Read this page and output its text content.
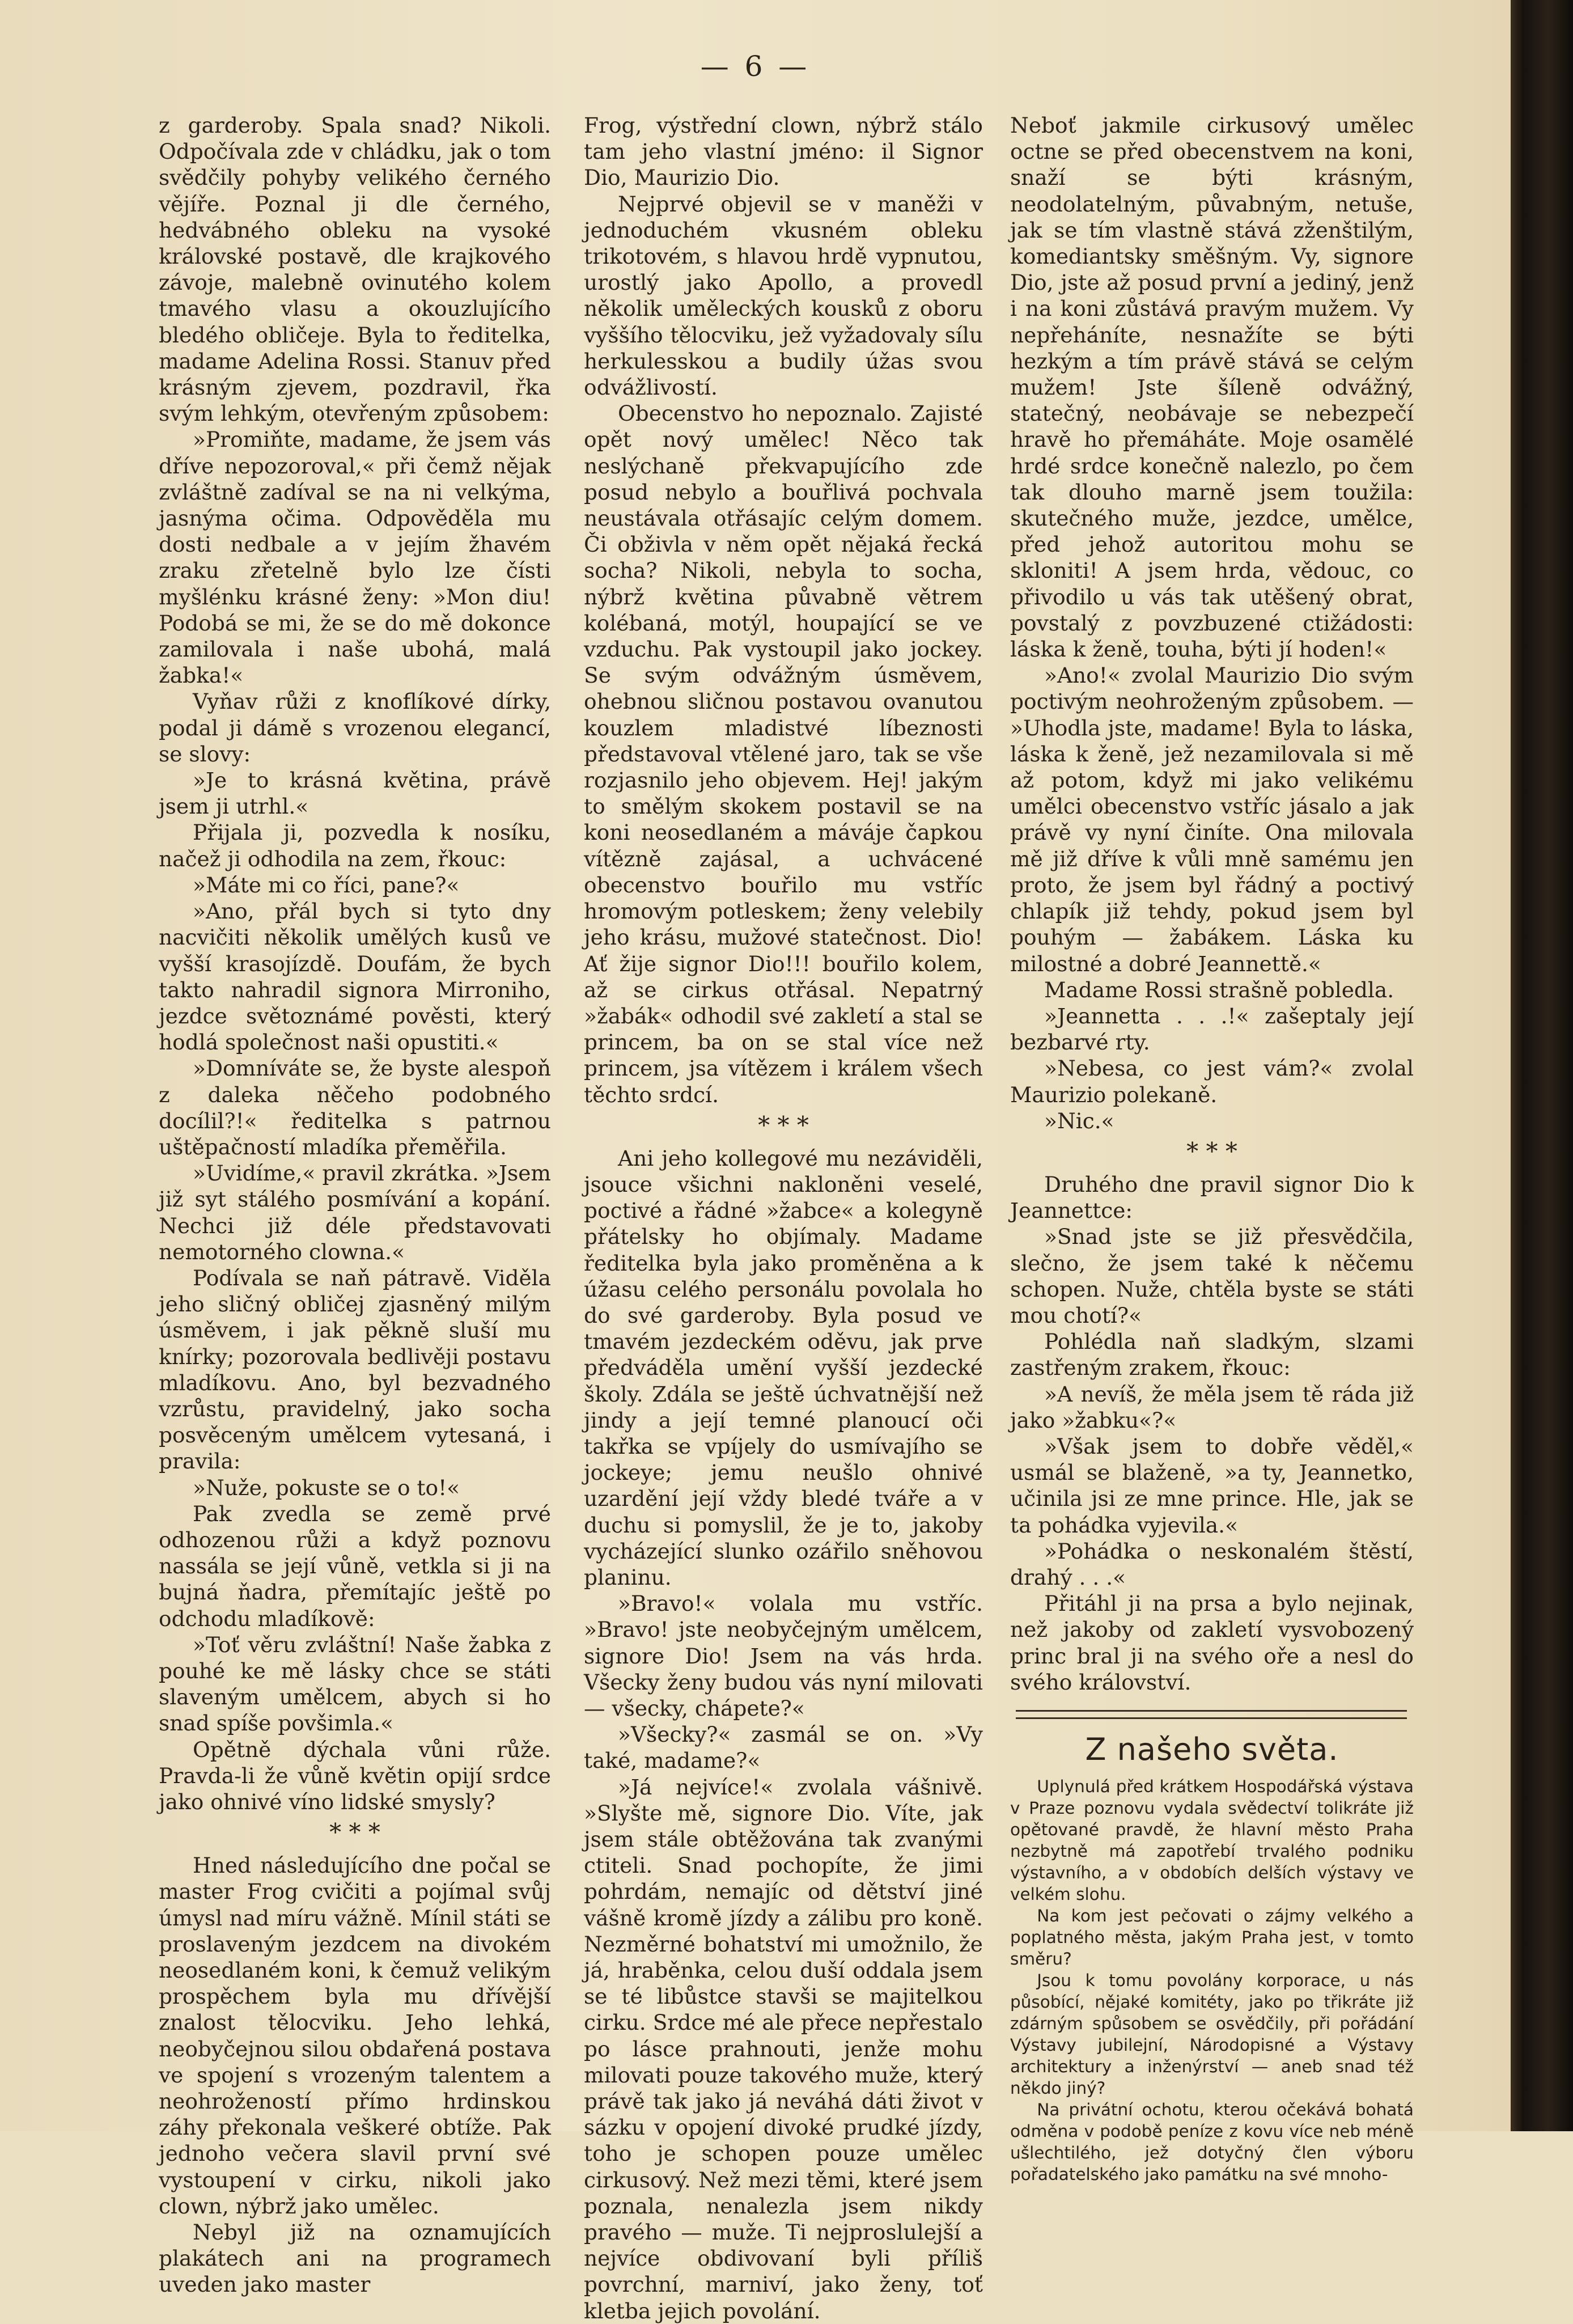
— 6 —

z garderoby. Spala snad? Nikoli. Odpočívala zde v chládku, jak o tom svědčily pohyby velikého černého vějíře. Poznal ji dle černého, hedvábného obleku na vysoké královské postavě, dle krajkového závoje, malebně ovinutého kolem tmavého vlasu a okouzlujícího bledého obličeje. Byla to ředitelka, madame Adelina Rossi. Stanuv před krásným zjevem, pozdravil, řka svým lehkým, otevřeným způsobem:

»Promiňte, madame, že jsem vás dříve nepozoroval,« při čemž nějak zvláštně zadíval se na ni velkýma, jasnýma očima. Odpověděla mu dosti nedbale a v jejím žhavém zraku zřetelně bylo lze čísti myšlénku krásné ženy: »Mon diu! Podobá se mi, že se do mě dokonce zamilovala i naše ubohá, malá žabka!«

Vyňav růži z knoflíkové dírky, podal ji dámě s vrozenou elegancí, se slovy:

»Je to krásná květina, právě jsem ji utrhl.«

Přijala ji, pozvedla k nosíku, načež ji odhodila na zem, řkouc:

»Máte mi co říci, pane?«

»Ano, přál bych si tyto dny nacvičiti několik umělých kusů ve vyšší krasojízdě. Doufám, že bych takto nahradil signora Mirroniho, jezdce světoznámé pověsti, který hodlá společnost naši opustiti.«

»Domníváte se, že byste alespoň z daleka něčeho podobného docílil?!« ředitelka s patrnou uštěpačností mladíka přeměřila.

»Uvidíme,« pravil zkrátka. »Jsem již syt stálého posmívání a kopání. Nechci již déle představovati nemotorného clowna.«

Podívala se naň pátravě. Viděla jeho sličný obličej zjasněný milým úsměvem, i jak pěkně sluší mu knírky; pozorovala bedlivěji postavu mladíkovu. Ano, byl bezvadného vzrůstu, pravidelný, jako socha posvěceným umělcem vytesaná, i pravila:

»Nuže, pokuste se o to!«

Pak zvedla se země prvé odhozenou růži a když poznovu nassála se její vůně, vetkla si ji na bujná ňadra, přemítajíc ještě po odchodu mladíkově:

»Toť věru zvláštní! Naše žabka z pouhé ke mě lásky chce se státi slaveným umělcem, abych si ho snad spíše povšimla.«

Opětně dýchala vůni růže. Pravda-li že vůně květin opijí srdce jako ohnivé víno lidské smysly?

* * *

Hned následujícího dne počal se master Frog cvičiti a pojímal svůj úmysl nad míru vážně. Mínil státi se proslaveným jezdcem na divokém neosedlaném koni, k čemuž velikým prospěchem byla mu dřívější znalost tělocviku. Jeho lehká, neobyčejnou silou obdařená postava ve spojení s vrozeným talentem a neohrožeností přímo hrdinskou záhy překonala veškeré obtíže. Pak jednoho večera slavil první své vystoupení v cirku, nikoli jako clown, nýbrž jako umělec.

Nebyl již na oznamujících plakátech ani na programech uveden jako master

Frog, výstřední clown, nýbrž stálo tam jeho vlastní jméno: il Signor Dio, Maurizio Dio.

Nejprvé objevil se v maněži v jednoduchém vkusném obleku trikotovém, s hlavou hrdě vypnutou, urostlý jako Apollo, a provedl několik uměleckých kousků z oboru vyššího tělocviku, jež vyžadovaly sílu herkulesskou a budily úžas svou odvážlivostí.

Obecenstvo ho nepoznalo. Zajisté opět nový umělec! Něco tak neslýchaně překvapujícího zde posud nebylo a bouřlivá pochvala neustávala otřásajíc celým domem. Či obživla v něm opět nějaká řecká socha? Nikoli, nebyla to socha, nýbrž květina půvabně větrem kolébaná, motýl, houpající se ve vzduchu. Pak vystoupil jako jockey. Se svým odvážným úsměvem, ohebnou sličnou postavou ovanutou kouzlem mladistvé líbeznosti představoval vtělené jaro, tak se vše rozjasnilo jeho objevem. Hej! jakým to smělým skokem postavil se na koni neosedlaném a máváje čapkou vítězně zajásal, a uchvácené obecenstvo bouřilo mu vstříc hromovým potleskem; ženy velebily jeho krásu, mužové statečnost. Dio! Ať žije signor Dio!!! bouřilo kolem, až se cirkus otřásal. Nepatrný »žabák« odhodil své zakletí a stal se princem, ba on se stal více než princem, jsa vítězem i králem všech těchto srdcí.

* * *

Ani jeho kollegové mu nezáviděli, jsouce všichni nakloněni veselé, poctivé a řádné »žabce« a kolegyně přátelsky ho objímaly. Madame ředitelka byla jako proměněna a k úžasu celého personálu povolala ho do své garderoby. Byla posud ve tmavém jezdeckém oděvu, jak prve předváděla umění vyšší jezdecké školy. Zdála se ještě úchvatnější než jindy a její temné planoucí oči takřka se vpíjely do usmívajího se jockeye; jemu neušlo ohnivé uzardění její vždy bledé tváře a v duchu si pomyslil, že je to, jakoby vycházející slunko ozářilo sněhovou planinu.

»Bravo!« volala mu vstříc. »Bravo! jste neobyčejným umělcem, signore Dio! Jsem na vás hrda. Všecky ženy budou vás nyní milovati — všecky, chápete?«

»Všecky?« zasmál se on. »Vy také, madame?«

»Já nejvíce!« zvolala vášnivě. »Slyšte mě, signore Dio. Víte, jak jsem stále obtěžována tak zvanými ctiteli. Snad pochopíte, že jimi pohrdám, nemajíc od dětství jiné vášně kromě jízdy a zálibu pro koně. Nezměrné bohatství mi umožnilo, že já, hraběnka, celou duší oddala jsem se té libůstce stavši se majitelkou cirku. Srdce mé ale přece nepřestalo po lásce prahnouti, jenže mohu milovati pouze takového muže, který právě tak jako já neváhá dáti život v sázku v opojení divoké prudké jízdy, toho je schopen pouze umělec cirkusový. Než mezi těmi, které jsem poznala, nenalezla jsem nikdy pravého — muže. Ti nejproslulejší a nejvíce obdivovaní byli příliš povrchní, marniví, jako ženy, toť kletba jejich povolání.

Neboť jakmile cirkusový umělec octne se před obecenstvem na koni, snaží se býti krásným, neodolatelným, půvabným, netuše, jak se tím vlastně stává zženštilým, komediantsky směšným. Vy, signore Dio, jste až posud první a jediný, jenž i na koni zůstává pravým mužem. Vy nepřeháníte, nesnažíte se býti hezkým a tím právě stává se celým mužem! Jste šíleně odvážný, statečný, neobávaje se nebezpečí hravě ho přemáháte. Moje osamělé hrdé srdce konečně nalezlo, po čem tak dlouho marně jsem toužila: skutečného muže, jezdce, umělce, před jehož autoritou mohu se skloniti! A jsem hrda, vědouc, co přivodilo u vás tak utěšený obrat, povstalý z povzbuzené ctižádosti: láska k ženě, touha, býti jí hoden!«

»Ano!« zvolal Maurizio Dio svým poctivým neohroženým způsobem. — »Uhodla jste, madame! Byla to láska, láska k ženě, jež nezamilovala si mě až potom, když mi jako velikému umělci obecenstvo vstříc jásalo a jak právě vy nyní činíte. Ona milovala mě již dříve k vůli mně samému jen proto, že jsem byl řádný a poctivý chlapík již tehdy, pokud jsem byl pouhým — žabákem. Láska ku milostné a dobré Jeannettě.«

Madame Rossi strašně pobledla.

»Jeannetta . . .!« zašeptaly její bezbarvé rty.

»Nebesa, co jest vám?« zvolal Maurizio polekaně.

»Nic.«

* * *

Druhého dne pravil signor Dio k Jeannettce:

»Snad jste se již přesvědčila, slečno, že jsem také k něčemu schopen. Nuže, chtěla byste se státi mou chotí?«

Pohlédla naň sladkým, slzami zastřeným zrakem, řkouc:

»A nevíš, že měla jsem tě ráda již jako »žabku«?«

»Však jsem to dobře věděl,« usmál se blaženě, »a ty, Jeannetko, učinila jsi ze mne prince. Hle, jak se ta pohádka vyjevila.«

»Pohádka o neskonalém štěstí, drahý . . .«

Přitáhl ji na prsa a bylo nejinak, než jakoby od zakletí vysvobozený princ bral ji na svého oře a nesl do svého království.

Z našeho světa.

Uplynulá před krátkem Hospodářská výstava v Praze poznovu vydala svědectví tolikráte již opětované pravdě, že hlavní město Praha nezbytně má zapotřebí trvalého podniku výstavního, a v obdobích delších výstavy ve velkém slohu.

Na kom jest pečovati o zájmy velkého a poplatného města, jakým Praha jest, v tomto směru?

Jsou k tomu povolány korporace, u nás působící, nějaké komitéty, jako po třikráte již zdárným spůsobem se osvědčily, při pořádání Výstavy jubilejní, Národopisné a Výstavy architektury a inženýrství — aneb snad též někdo jiný?

Na privátní ochotu, kterou očekává bohatá odměna v podobě peníze z kovu více neb méně ušlechtilého, jež dotyčný člen výboru pořadatelského jako památku na své mnoho-
